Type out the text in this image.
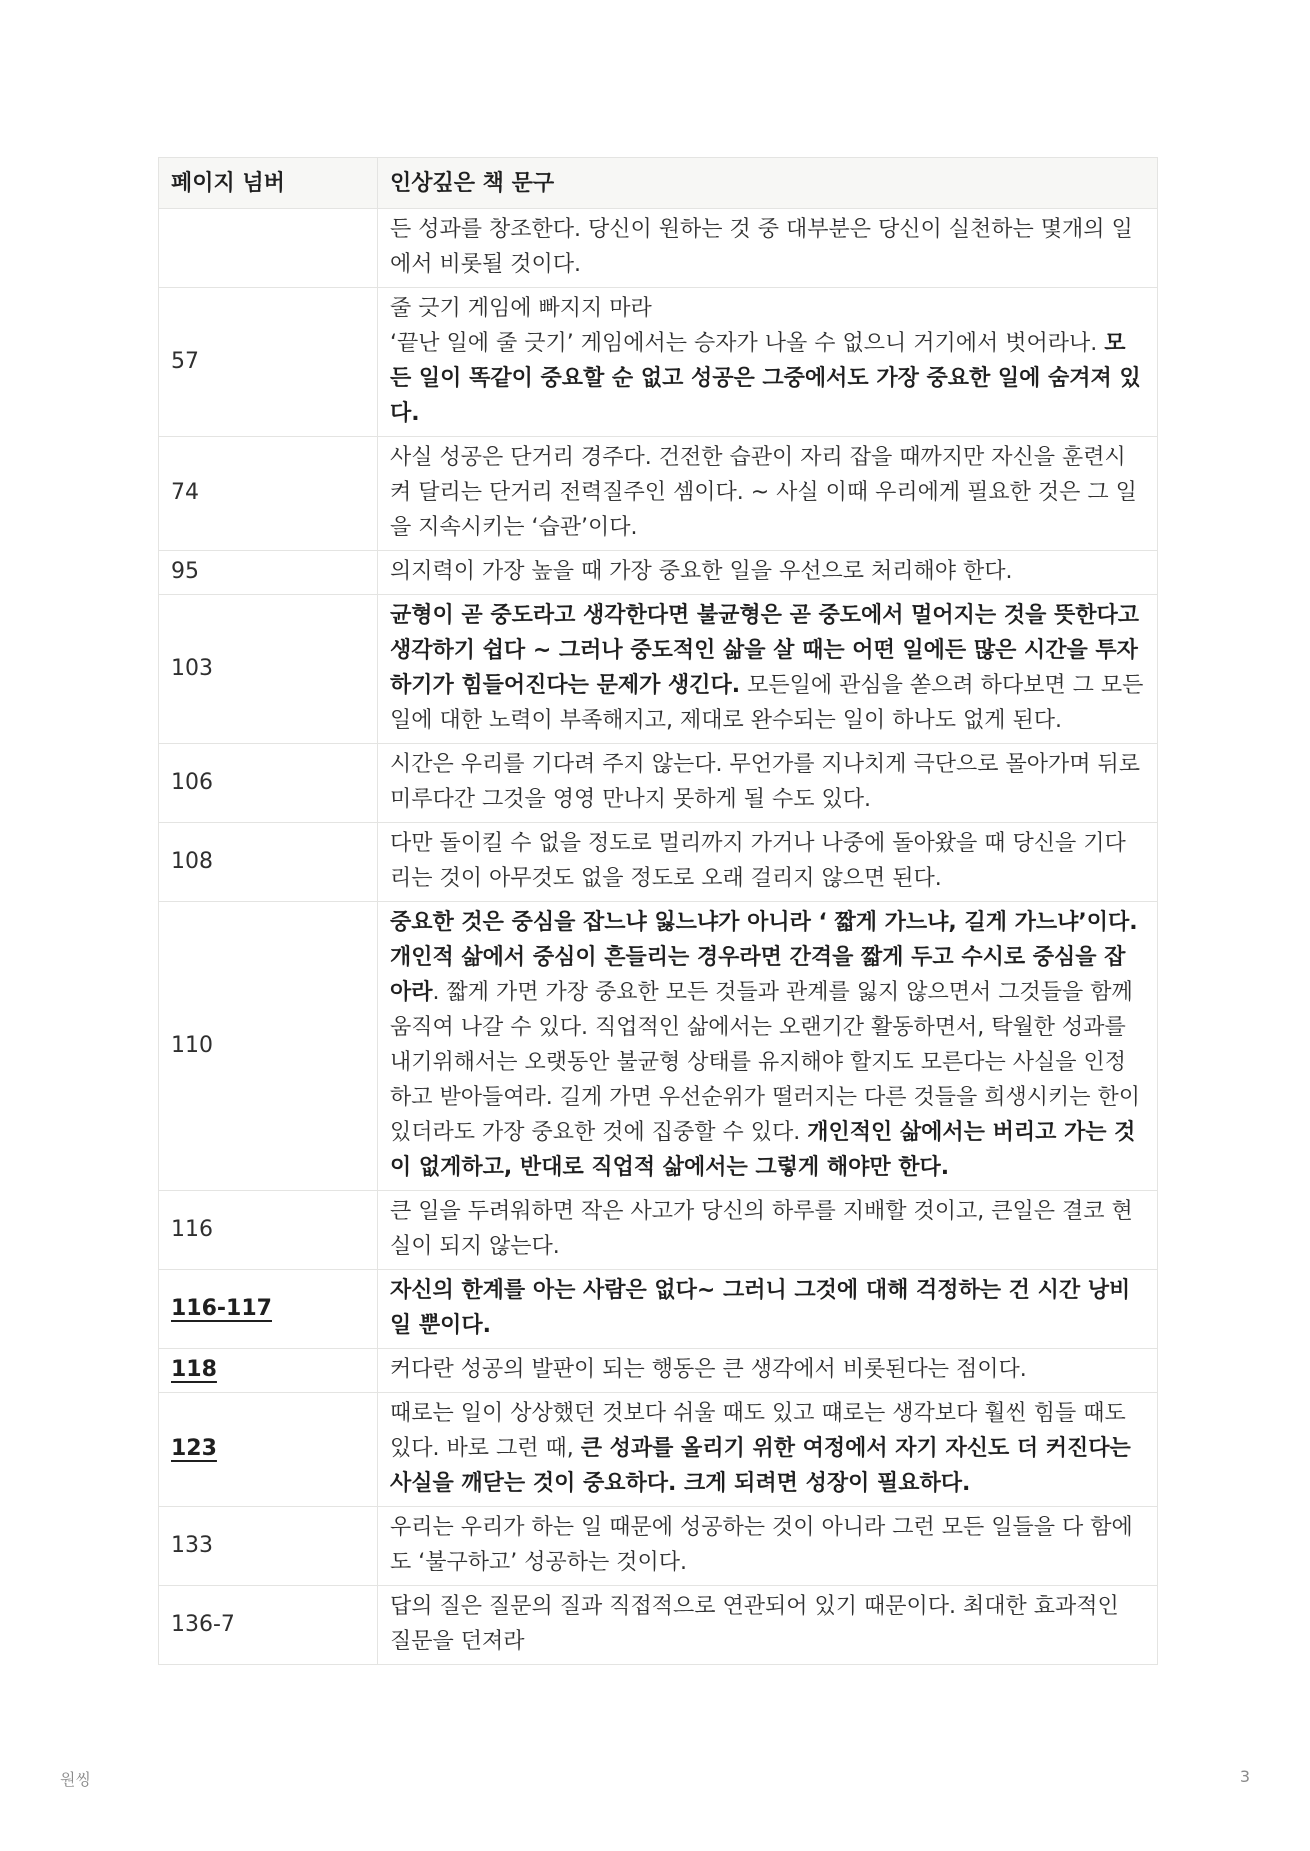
페이지 넘버	인상깊은 책 문구
	든 성과를 창조한다. 당신이 원하는 것 중 대부분은 당신이 실천하는 몇개의 일에서 비롯될 것이다.
57	줄 긋기 게임에 빠지지 마라
‘끝난 일에 줄 긋기’ 게임에서는 승자가 나올 수 없으니 거기에서 벗어라나. 모든 일이 똑같이 중요할 순 없고 성공은 그중에서도 가장 중요한 일에 숨겨져 있다.
74	사실 성공은 단거리 경주다. 건전한 습관이 자리 잡을 때까지만 자신을 훈련시켜 달리는 단거리 전력질주인 셈이다. ~ 사실 이때 우리에게 필요한 것은 그 일을 지속시키는 ‘습관’이다.
95	의지력이 가장 높을 때 가장 중요한 일을 우선으로 처리해야 한다.
103	균형이 곧 중도라고 생각한다면 불균형은 곧 중도에서 멀어지는 것을 뜻한다고 생각하기 쉽다 ~ 그러나 중도적인 삶을 살 때는 어떤 일에든 많은 시간을 투자하기가 힘들어진다는 문제가 생긴다. 모든일에 관심을 쏟으려 하다보면 그 모든 일에 대한 노력이 부족해지고, 제대로 완수되는 일이 하나도 없게 된다.
106	시간은 우리를 기다려 주지 않는다. 무언가를 지나치게 극단으로 몰아가며 뒤로 미루다간 그것을 영영 만나지 못하게 될 수도 있다.
108	다만 돌이킬 수 없을 정도로 멀리까지 가거나 나중에 돌아왔을 때 당신을 기다리는 것이 아무것도 없을 정도로 오래 걸리지 않으면 된다.
110	중요한 것은 중심을 잡느냐 잃느냐가 아니라 ‘ 짧게 가느냐, 길게 가느냐’이다. 개인적 삶에서 중심이 흔들리는 경우라면 간격을 짧게 두고 수시로 중심을 잡아라. 짧게 가면 가장 중요한 모든 것들과 관계를 잃지 않으면서 그것들을 함께 움직여 나갈 수 있다. 직업적인 삶에서는 오랜기간 활동하면서, 탁월한 성과를 내기위해서는 오랫동안 불균형 상태를 유지해야 할지도 모른다는 사실을 인정하고 받아들여라. 길게 가면 우선순위가 떨러지는 다른 것들을 희생시키는 한이 있더라도 가장 중요한 것에 집중할 수 있다. 개인적인 삶에서는 버리고 가는 것이 없게하고, 반대로 직업적 삶에서는 그렇게 해야만 한다.
116	큰 일을 두려워하면 작은 사고가 당신의 하루를 지배할 것이고, 큰일은 결코 현실이 되지 않는다.
116-117	자신의 한계를 아는 사람은 없다~ 그러니 그것에 대해 걱정하는 건 시간 낭비일 뿐이다.
118	커다란 성공의 발판이 되는 행동은 큰 생각에서 비롯된다는 점이다.
123	때로는 일이 상상했던 것보다 쉬울 때도 있고 떄로는 생각보다 훨씬 힘들 때도 있다. 바로 그런 때, 큰 성과를 올리기 위한 여정에서 자기 자신도 더 커진다는 사실을 깨닫는 것이 중요하다. 크게 되려면 성장이 필요하다.
133	우리는 우리가 하는 일 때문에 성공하는 것이 아니라 그런 모든 일들을 다 함에도 ‘불구하고’ 성공하는 것이다.
136-7	답의 질은 질문의 질과 직접적으로 연관되어 있기 때문이다. 최대한 효과적인 질문을 던져라
원씽	3
